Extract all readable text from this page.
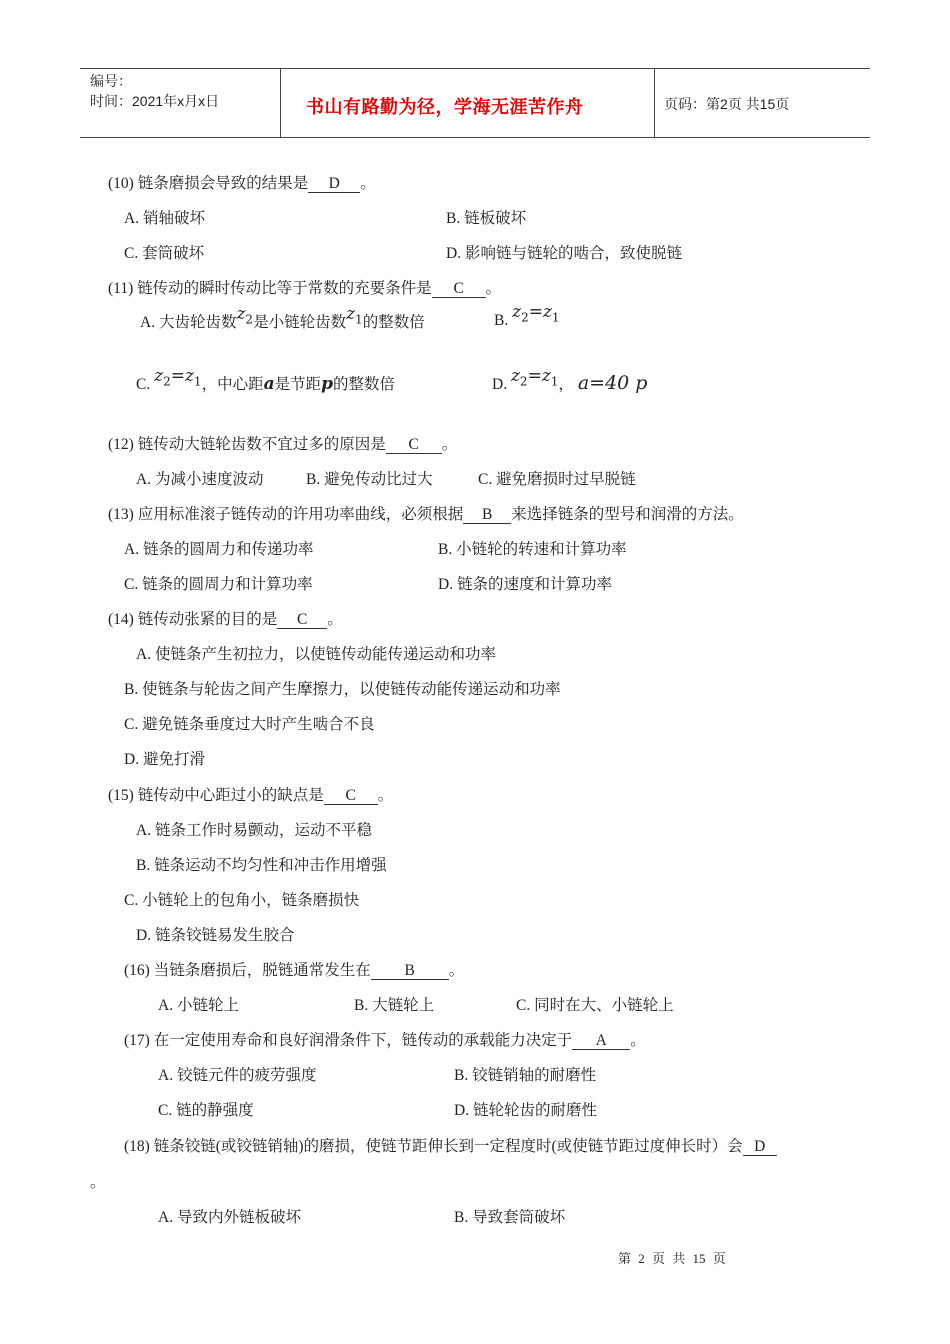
编号：
时间：2021年x月x日	书山有路勤为径，学海无涯苦作舟	页码：第2页 共15页
(10) 链条磨损会导致的结果是 D 。
A. 销轴破坏	B. 链板破坏
C. 套筒破坏	D. 影响链与链轮的啮合，致使脱链
(11) 链传动的瞬时传动比等于常数的充要条件是 C 。
A. 大齿轮齿数$z_2$是小链轮齿数$z_1$的整数倍	B. $z_2=z_1$
C. $z_2=z_1$，中心距a是节距p的整数倍	D. $z_2=z_1$， a=40 p
(12) 链传动大链轮齿数不宜过多的原因是 C 。
A. 为减小速度波动	B. 避免传动比过大	C. 避免磨损时过早脱链
(13) 应用标准滚子链传动的许用功率曲线，必须根据 B 来选择链条的型号和润滑的方法。
A. 链条的圆周力和传递功率	B. 小链轮的转速和计算功率
C. 链条的圆周力和计算功率	D. 链条的速度和计算功率
(14) 链传动张紧的目的是 C 。
A. 使链条产生初拉力，以使链传动能传递运动和功率
B. 使链条与轮齿之间产生摩擦力，以使链传动能传递运动和功率
C. 避免链条垂度过大时产生啮合不良
D. 避免打滑
(15) 链传动中心距过小的缺点是 C 。
A. 链条工作时易颤动，运动不平稳
B. 链条运动不均匀性和冲击作用增强
C. 小链轮上的包角小，链条磨损快
D. 链条铰链易发生胶合
(16) 当链条磨损后，脱链通常发生在 B 。
A. 小链轮上	B. 大链轮上	C. 同时在大、小链轮上
(17) 在一定使用寿命和良好润滑条件下，链传动的承载能力决定于 A 。
A. 铰链元件的疲劳强度	B. 铰链销轴的耐磨性
C. 链的静强度	D. 链轮轮齿的耐磨性
(18) 链条铰链(或铰链销轴)的磨损，使链节距伸长到一定程度时(或使链节距过度伸长时）会 D
。
A. 导致内外链板破坏	B. 导致套筒破坏
第 2 页 共 15 页
